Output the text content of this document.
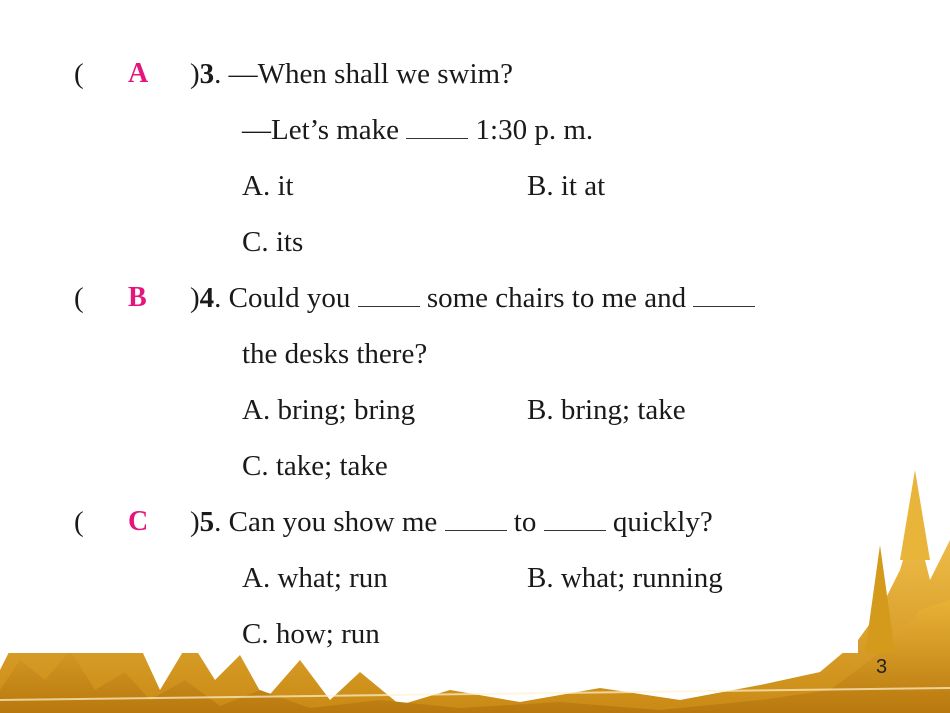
( A )3. —When shall we swim?
—Let’s make  1:30 p. m.
A. it	B. it at
C. its
( B )4. Could you  some chairs to me and
the desks there?
A. bring; bring	B. bring; take
C. take; take
( C )5. Can you show me  to  quickly?
A. what; run	B. what; running
C. how; run
3
